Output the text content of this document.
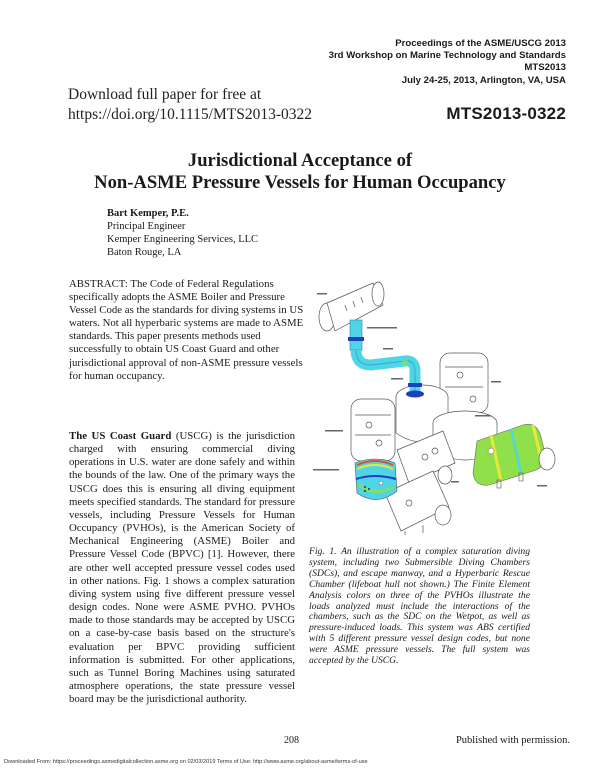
Proceedings of the ASME/USCG 2013
3rd Workshop on Marine Technology and Standards
MTS2013
July 24-25, 2013, Arlington, VA, USA
Download full paper for free at
https://doi.org/10.1115/MTS2013-0322	MTS2013-0322
Jurisdictional Acceptance of
Non-ASME Pressure Vessels for Human Occupancy
Bart Kemper, P.E.
Principal Engineer
Kemper Engineering Services, LLC
Baton Rouge, LA
ABSTRACT: The Code of Federal Regulations specifically adopts the ASME Boiler and Pressure Vessel Code as the standards for diving systems in US waters. Not all hyperbaric systems are made to ASME standards. This paper presents methods used successfully to obtain US Coast Guard and other jurisdictional approval of non-ASME pressure vessels for human occupancy.
The US Coast Guard (USCG) is the jurisdiction charged with ensuring commercial diving operations in U.S. water are done safely and within the bounds of the law. One of the primary ways the USCG does this is ensuring all diving equipment meets specified standards. The standard for pressure vessels, including Pressure Vessels for Human Occupancy (PVHOs), is the American Society of Mechanical Engineering (ASME) Boiler and Pressure Vessel Code (BPVC) [1]. However, there are other well accepted pressure vessel codes used in other nations. Fig. 1 shows a complex saturation diving system using five different pressure vessel design codes. None were ASME PVHO. PVHOs made to those standards may be accepted by USCG on a case-by-case basis based on the structure's evaluation per BPVC providing sufficient information is submitted. For other applications, such as Tunnel Boring Machines using saturated atmosphere operations, the state pressure vessel board may be the jurisdictional authority.
Fig. 1. An illustration of a complex saturation diving system, including two Submersible Diving Chambers (SDCs), and escape manway, and a Hyperbaric Rescue Chamber (lifeboat hull not shown.) The Finite Element Analysis colors on three of the PVHOs illustrate the loads analyzed must include the interactions of the chambers, such as the SDC on the Wetpot, as well as pressure-induced loads. This system was ABS certified with 5 different pressure vessel design codes, but none were ASME pressure vessels. The full system was accepted by the USCG.
208	Published with permission.
Downloaded From: https://proceedings.asmedigitalcollection.asme.org on 02/03/2019 Terms of Use: http://www.asme.org/about-asme/terms-of-use
